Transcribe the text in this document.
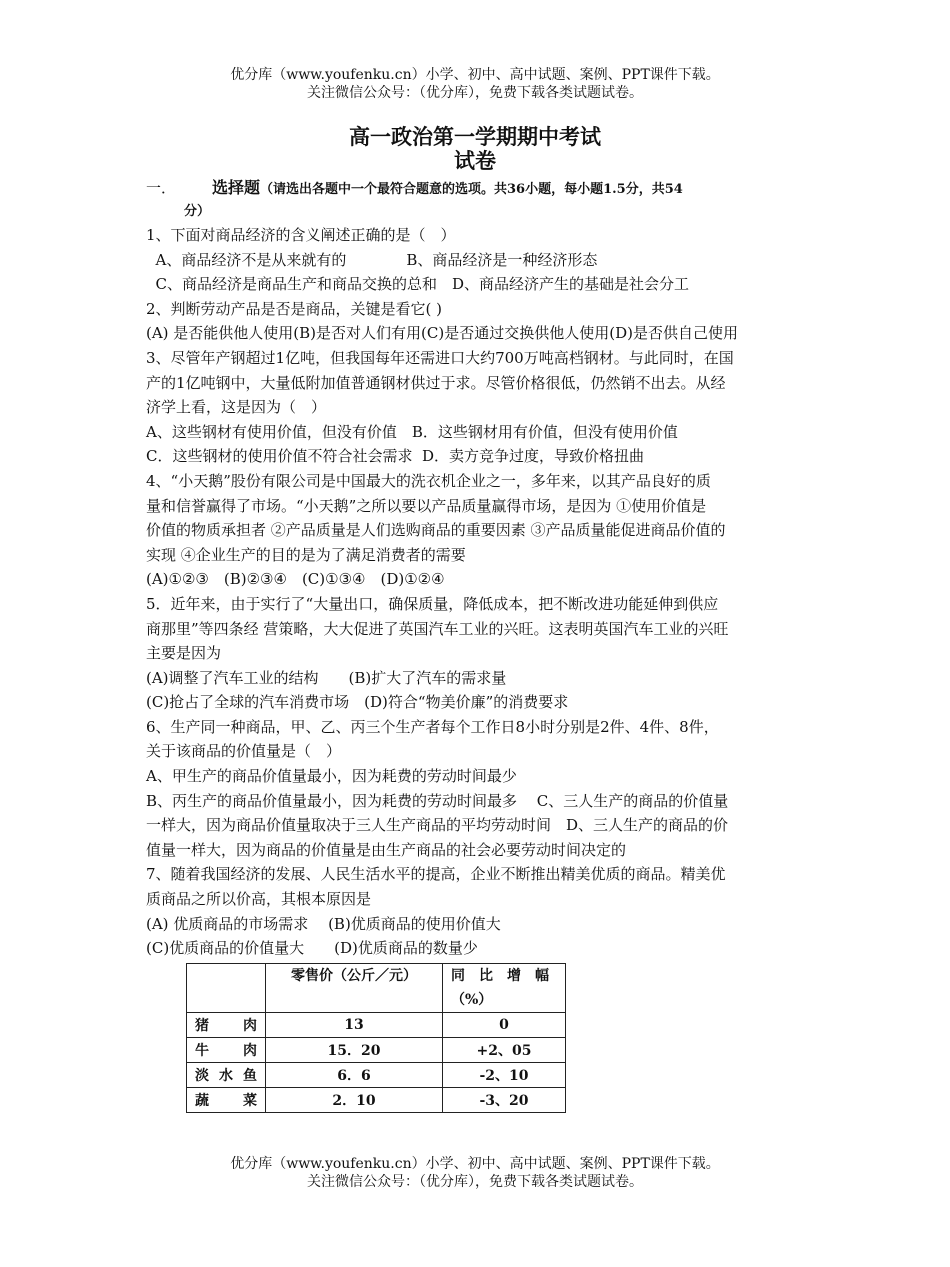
优分库（www.youfenku.cn）小学、初中、高中试题、案例、PPT课件下载。
关注微信公众号：（优分库），免费下载各类试题试卷。
高一政治第一学期期中考试
试卷
一． 选择题（请选出各题中一个最符合题意的选项。共36小题，每小题1.5分，共54
分）

1、下面对商品经济的含义阐述正确的是（　）

A、商品经济不是从来就有的　　　　B、商品经济是一种经济形态

C、商品经济是商品生产和商品交换的总和　D、商品经济产生的基础是社会分工

2、判断劳动产品是否是商品，关键是看它( )

(A) 是否能供他人使用(B)是否对人们有用(C)是否通过交换供他人使用(D)是否供自己使用

3、尽管年产钢超过1亿吨，但我国每年还需进口大约700万吨高档钢材。与此同时，在国

产的1亿吨钢中，大量低附加值普通钢材供过于求。尽管价格很低，仍然销不出去。从经

济学上看，这是因为（　）

A、这些钢材有使用价值，但没有价值　B．这些钢材用有价值，但没有使用价值

C．这些钢材的使用价值不符合社会需求  D．卖方竞争过度，导致价格扭曲

4、“小天鹅”股份有限公司是中国最大的洗衣机企业之一，多年来，以其产品良好的质

量和信誉赢得了市场。“小天鹅”之所以要以产品质量赢得市场，是因为 ①使用价值是

价值的物质承担者 ②产品质量是人们选购商品的重要因素 ③产品质量能促进商品价值的

实现 ④企业生产的目的是为了满足消费者的需要

(A)①②③　(B)②③④　(C)①③④　(D)①②④

5．近年来，由于实行了“大量出口，确保质量，降低成本，把不断改进功能延伸到供应

商那里”等四条经 营策略，大大促进了英国汽车工业的兴旺。这表明英国汽车工业的兴旺

主要是因为

(A)调整了汽车工业的结构　　(B)扩大了汽车的需求量

(C)抢占了全球的汽车消费市场　(D)符合“物美价廉”的消费要求

6、生产同一种商品，甲、乙、丙三个生产者每个工作日8小时分别是2件、4件、8件，

关于该商品的价值量是（　）

A、甲生产的商品价值量最小，因为耗费的劳动时间最少

B、丙生产的商品价值量最小，因为耗费的劳动时间最多　 C、三人生产的商品的价值量

一样大，因为商品价值量取决于三人生产商品的平均劳动时间　D、三人生产的商品的价

值量一样大，因为商品的价值量是由生产商品的社会必要劳动时间决定的

7、随着我国经济的发展、人民生活水平的提高，企业不断推出精美优质的商品。精美优

质商品之所以价高，其根本原因是

(A) 优质商品的市场需求　 (B)优质商品的使用价值大

(C)优质商品的价值量大　　(D)优质商品的数量少

	零售价（公斤／元）	同　比　增　幅
（%）

猪肉	13	0
牛肉	15．20	+2、05
淡水鱼	6．6	-2、10
蔬菜	2．10	-3、20
优分库（www.youfenku.cn）小学、初中、高中试题、案例、PPT课件下载。
关注微信公众号：（优分库），免费下载各类试题试卷。
